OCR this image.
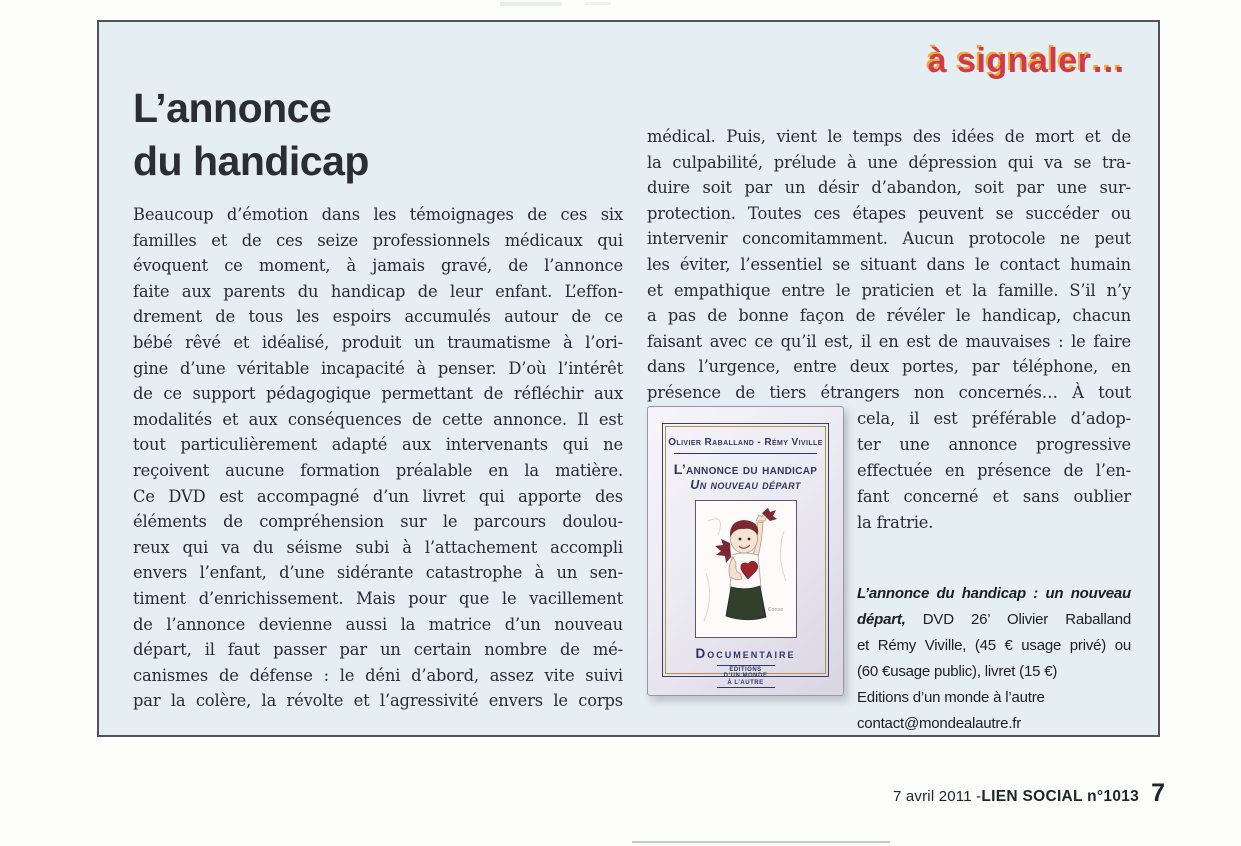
à signaler…
L’annonce
du handicap
Beaucoup d’émotion dans les témoignages de ces six
familles et de ces seize professionnels médicaux qui
évoquent ce moment, à jamais gravé, de l’annonce
faite aux parents du handicap de leur enfant. L’effon-
drement de tous les espoirs accumulés autour de ce
bébé rêvé et idéalisé, produit un traumatisme à l’ori-
gine d’une véritable incapacité à penser. D’où l’intérêt
de ce support pédagogique permettant de réfléchir aux
modalités et aux conséquences de cette annonce. Il est
tout particulièrement adapté aux intervenants qui ne
reçoivent aucune formation préalable en la matière.
Ce DVD est accompagné d’un livret qui apporte des
éléments de compréhension sur le parcours doulou-
reux qui va du séisme subi à l’attachement accompli
envers l’enfant, d’une sidérante catastrophe à un sen-
timent d’enrichissement. Mais pour que le vacillement
de l’annonce devienne aussi la matrice d’un nouveau
départ, il faut passer par un certain nombre de mé-
canismes de défense : le déni d’abord, assez vite suivi
par la colère, la révolte et l’agressivité envers le corps
médical. Puis, vient le temps des idées de mort et de
la culpabilité, prélude à une dépression qui va se tra-
duire soit par un désir d’abandon, soit par une sur-
protection. Toutes ces étapes peuvent se succéder ou
intervenir concomitamment. Aucun protocole ne peut
les éviter, l’essentiel se situant dans le contact humain
et empathique entre le praticien et la famille. S’il n’y
a pas de bonne façon de révéler le handicap, chacun
faisant avec ce qu’il est, il en est de mauvaises : le faire
dans l’urgence, entre deux portes, par téléphone, en
présence de tiers étrangers non concernés… À tout
Olivier Raballand - Rémy Viville
L’annonce du handicap
Un nouveau départ
Conso
Documentaire
ÉDITIONS
D’UN MONDE
À L’AUTRE
cela, il est préférable d’adop-
ter une annonce progressive
effectuée en présence de l’en-
fant concerné et sans oublier
la fratrie.
L’annonce du handicap : un nouveau
départ, DVD 26’ Olivier Raballand
et Rémy Viville, (45 € usage privé) ou
(60 €usage public), livret (15 €)
Editions d’un monde à l’autre
contact@mondealautre.fr
7 avril 2011 - LIEN SOCIAL n°1013 7
